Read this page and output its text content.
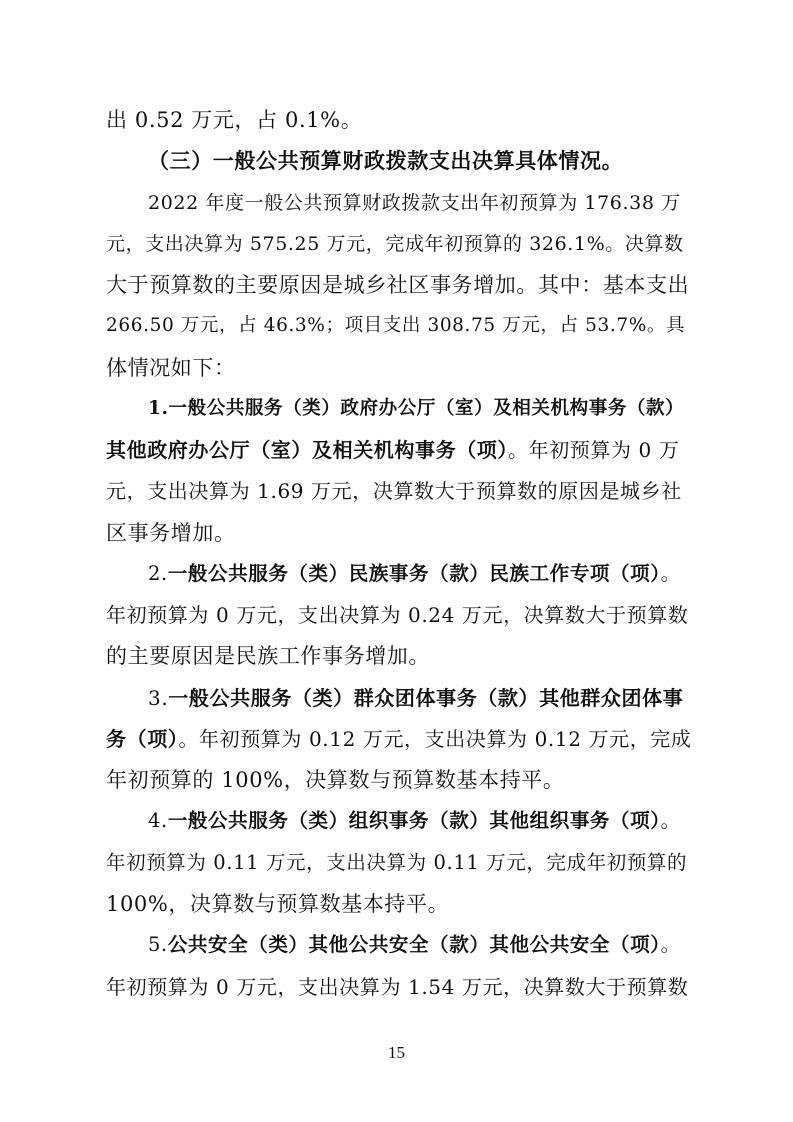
出 0.52 万元，占 0.1%。
（三）一般公共预算财政拨款支出决算具体情况。
2022 年度一般公共预算财政拨款支出年初预算为 176.38 万
元，支出决算为 575.25 万元，完成年初预算的 326.1%。决算数
大于预算数的主要原因是城乡社区事务增加。其中：基本支出
266.50 万元，占 46.3%；项目支出 308.75 万元，占 53.7%。具
体情况如下：
1.一般公共服务（类）政府办公厅（室）及相关机构事务（款）
其他政府办公厅（室）及相关机构事务（项）。年初预算为 0 万
元，支出决算为 1.69 万元，决算数大于预算数的原因是城乡社
区事务增加。
2.一般公共服务（类）民族事务（款）民族工作专项（项）。
年初预算为 0 万元，支出决算为 0.24 万元，决算数大于预算数
的主要原因是民族工作事务增加。
3.一般公共服务（类）群众团体事务（款）其他群众团体事
务（项）。年初预算为 0.12 万元，支出决算为 0.12 万元，完成
年初预算的 100%，决算数与预算数基本持平。
4.一般公共服务（类）组织事务（款）其他组织事务（项）。
年初预算为 0.11 万元，支出决算为 0.11 万元，完成年初预算的
100%，决算数与预算数基本持平。
5.公共安全（类）其他公共安全（款）其他公共安全（项）。
年初预算为 0 万元，支出决算为 1.54 万元，决算数大于预算数
15
